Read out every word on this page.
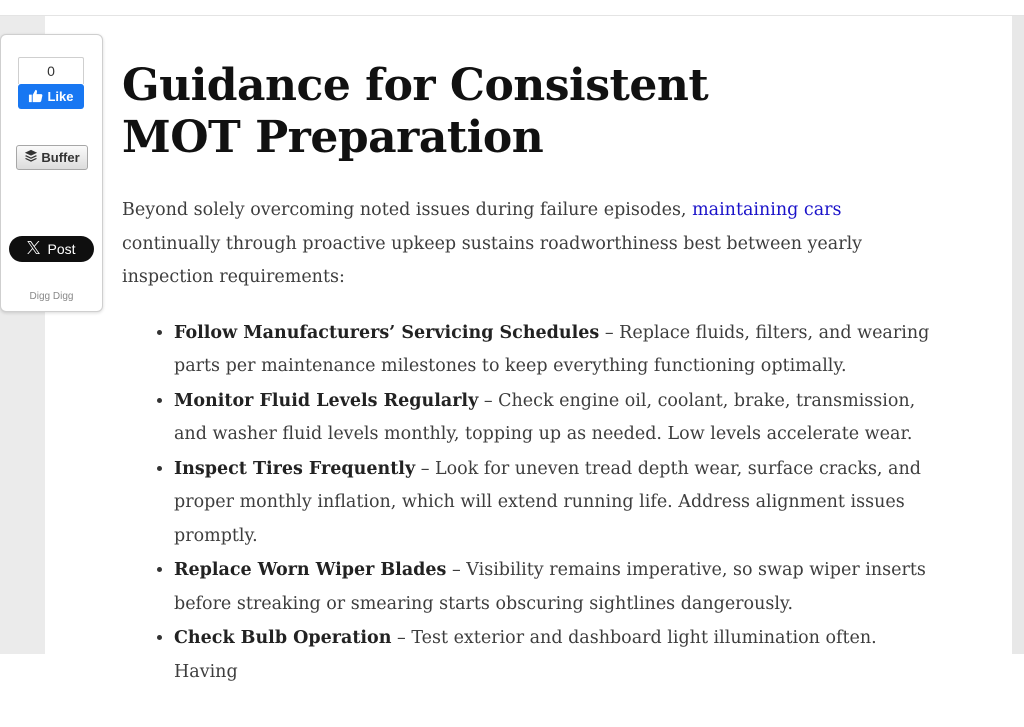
Guidance for Consistent MOT Preparation

Beyond solely overcoming noted issues during failure episodes, maintaining cars continually through proactive upkeep sustains roadworthiness best between yearly inspection requirements:

• Follow Manufacturers’ Servicing Schedules – Replace fluids, filters, and wearing parts per maintenance milestones to keep everything functioning optimally.
• Monitor Fluid Levels Regularly – Check engine oil, coolant, brake, transmission, and washer fluid levels monthly, topping up as needed. Low levels accelerate wear.
• Inspect Tires Frequently – Look for uneven tread depth wear, surface cracks, and proper monthly inflation, which will extend running life. Address alignment issues promptly.
• Replace Worn Wiper Blades – Visibility remains imperative, so swap wiper inserts before streaking or smearing starts obscuring sightlines dangerously.
• Check Bulb Operation – Test exterior and dashboard light illumination often. Having
0
Like
Buffer
Post
Digg Digg
